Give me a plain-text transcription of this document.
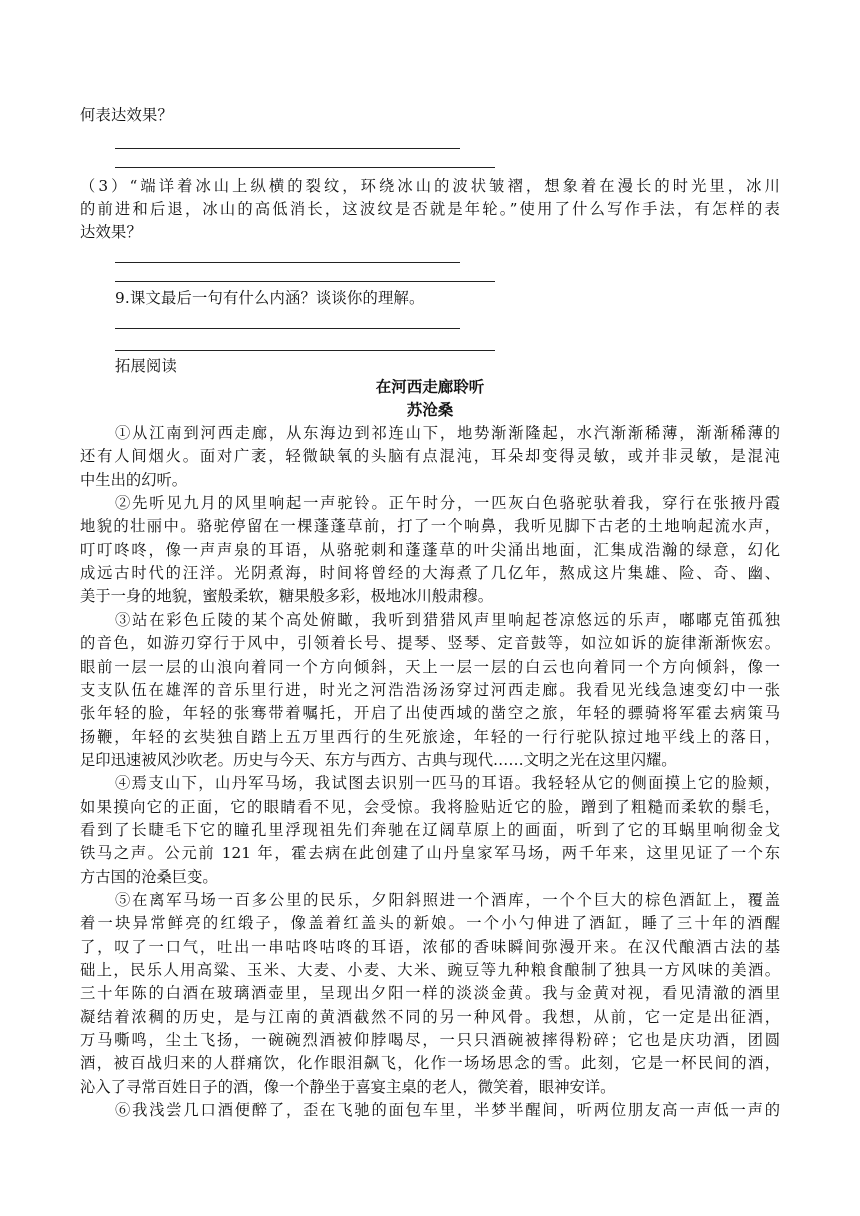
何表达效果？
（3）“端详着冰山上纵横的裂纹，环绕冰山的波状皱褶，想象着在漫长的时光里，冰川
的前进和后退，冰山的高低消长，这波纹是否就是年轮。”使用了什么写作手法，有怎样的表
达效果？
9.课文最后一句有什么内涵？谈谈你的理解。
拓展阅读
在河西走廊聆听
苏沧桑
①从江南到河西走廊，从东海边到祁连山下，地势渐渐隆起，水汽渐渐稀薄，渐渐稀薄的
还有人间烟火。面对广袤，轻微缺氧的头脑有点混沌，耳朵却变得灵敏，或并非灵敏，是混沌
中生出的幻听。
②先听见九月的风里响起一声驼铃。正午时分，一匹灰白色骆驼驮着我，穿行在张掖丹霞
地貌的壮丽中。骆驼停留在一棵蓬蓬草前，打了一个响鼻，我听见脚下古老的土地响起流水声，
叮叮咚咚，像一声声泉的耳语，从骆驼刺和蓬蓬草的叶尖涌出地面，汇集成浩瀚的绿意，幻化
成远古时代的汪洋。光阴煮海，时间将曾经的大海煮了几亿年，熬成这片集雄、险、奇、幽、
美于一身的地貌，蜜般柔软，糖果般多彩，极地冰川般肃穆。
③站在彩色丘陵的某个高处俯瞰，我听到猎猎风声里响起苍凉悠远的乐声，嘟嘟克笛孤独
的音色，如游刃穿行于风中，引领着长号、提琴、竖琴、定音鼓等，如泣如诉的旋律渐渐恢宏。
眼前一层一层的山浪向着同一个方向倾斜，天上一层一层的白云也向着同一个方向倾斜，像一
支支队伍在雄浑的音乐里行进，时光之河浩浩汤汤穿过河西走廊。我看见光线急速变幻中一张
张年轻的脸，年轻的张骞带着嘱托，开启了出使西域的凿空之旅，年轻的骠骑将军霍去病策马
扬鞭，年轻的玄奘独自踏上五万里西行的生死旅途，年轻的一行行驼队掠过地平线上的落日，
足印迅速被风沙吹老。历史与今天、东方与西方、古典与现代……文明之光在这里闪耀。
④焉支山下，山丹军马场，我试图去识别一匹马的耳语。我轻轻从它的侧面摸上它的脸颊，
如果摸向它的正面，它的眼睛看不见，会受惊。我将脸贴近它的脸，蹭到了粗糙而柔软的鬃毛，
看到了长睫毛下它的瞳孔里浮现祖先们奔驰在辽阔草原上的画面，听到了它的耳蜗里响彻金戈
铁马之声。公元前 121 年，霍去病在此创建了山丹皇家军马场，两千年来，这里见证了一个东
方古国的沧桑巨变。
⑤在离军马场一百多公里的民乐，夕阳斜照进一个酒库，一个个巨大的棕色酒缸上，覆盖
着一块异常鲜亮的红缎子，像盖着红盖头的新娘。一个小勺伸进了酒缸，睡了三十年的酒醒
了，叹了一口气，吐出一串咕咚咕咚的耳语，浓郁的香味瞬间弥漫开来。在汉代酿酒古法的基
础上，民乐人用高粱、玉米、大麦、小麦、大米、豌豆等九种粮食酿制了独具一方风味的美酒。
三十年陈的白酒在玻璃酒壶里，呈现出夕阳一样的淡淡金黄。我与金黄对视，看见清澈的酒里
凝结着浓稠的历史，是与江南的黄酒截然不同的另一种风骨。我想，从前，它一定是出征酒，
万马嘶鸣，尘土飞扬，一碗碗烈酒被仰脖喝尽，一只只酒碗被摔得粉碎；它也是庆功酒，团圆
酒，被百战归来的人群痛饮，化作眼泪飙飞，化作一场场思念的雪。此刻，它是一杯民间的酒，
沁入了寻常百姓日子的酒，像一个静坐于喜宴主桌的老人，微笑着，眼神安详。
⑥我浅尝几口酒便醉了，歪在飞驰的面包车里，半梦半醒间，听两位朋友高一声低一声的
